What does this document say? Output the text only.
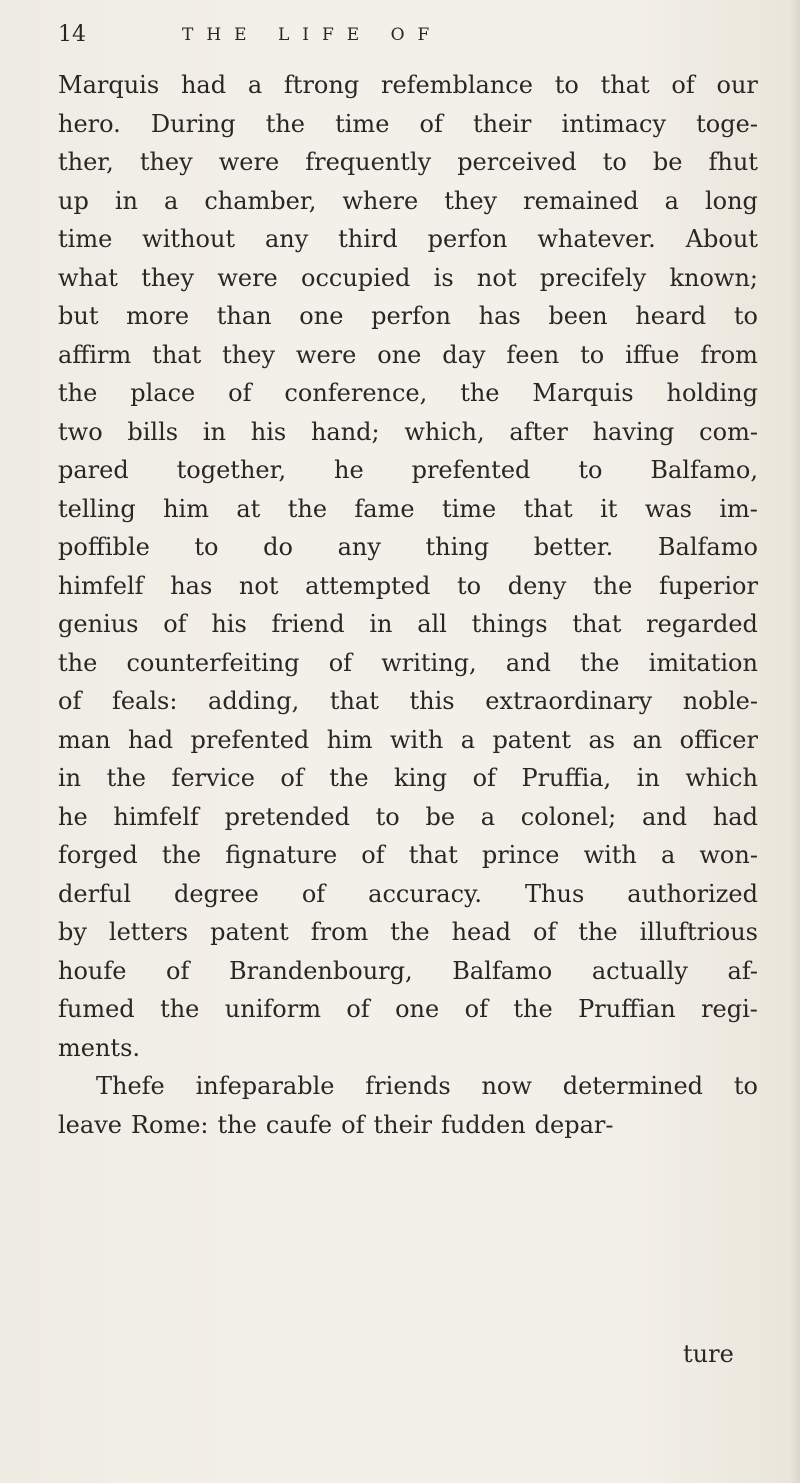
14	THE LIFE OF
Marquis had a ftrong refemblance to that of our
hero. During the time of their intimacy toge-
ther, they were frequently perceived to be fhut
up in a chamber, where they remained a long
time without any third perfon whatever. About
what they were occupied is not precifely known;
but more than one perfon has been heard to
affirm that they were one day feen to iffue from
the place of conference, the Marquis holding
two bills in his hand; which, after having com-
pared together, he prefented to Balfamo,
telling him at the fame time that it was im-
poffible to do any thing better. Balfamo
himfelf has not attempted to deny the fuperior
genius of his friend in all things that regarded
the counterfeiting of writing, and the imitation
of feals: adding, that this extraordinary noble-
man had prefented him with a patent as an officer
in the fervice of the king of Pruffia, in which
he himfelf pretended to be a colonel; and had
forged the fignature of that prince with a won-
derful degree of accuracy. Thus authorized
by letters patent from the head of the illuftrious
houfe of Brandenbourg, Balfamo actually af-
fumed the uniform of one of the Pruffian regi-
ments.
Thefe infeparable friends now determined to
leave Rome: the caufe of their fudden depar-
ture
